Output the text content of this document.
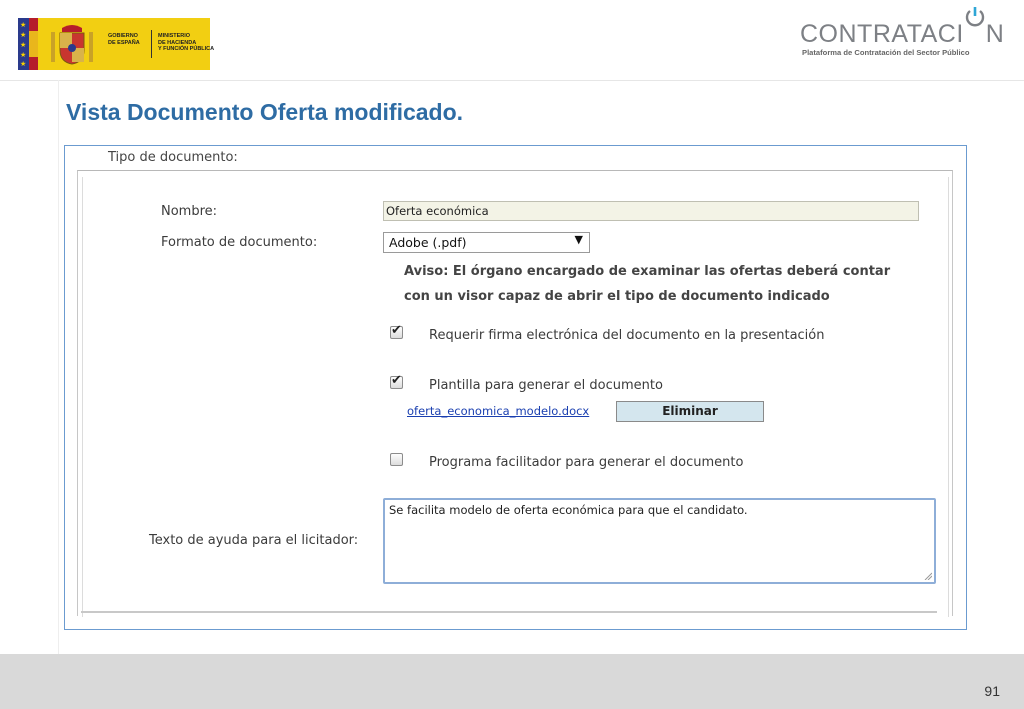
★
★
★
★
★
GOBIERNO
DE ESPAÑA
MINISTERIO
DE HACIENDA
Y FUNCIÓN PÚBLICA
CONTRATACI N
Plataforma de Contratación del Sector Público
Vista Documento Oferta modificado.
Tipo de documento:
Nombre:	Oferta económica
Formato de documento:	Adobe (.pdf)	▼
Aviso: El órgano encargado de examinar las ofertas deberá contar
con un visor capaz de abrir el tipo de documento indicado
✔ Requerir firma electrónica del documento en la presentación
✔ Plantilla para generar el documento
oferta_economica_modelo.docx	Eliminar
Programa facilitador para generar el documento
Texto de ayuda para el licitador:
Se facilita modelo de oferta económica para que el candidato.
91
